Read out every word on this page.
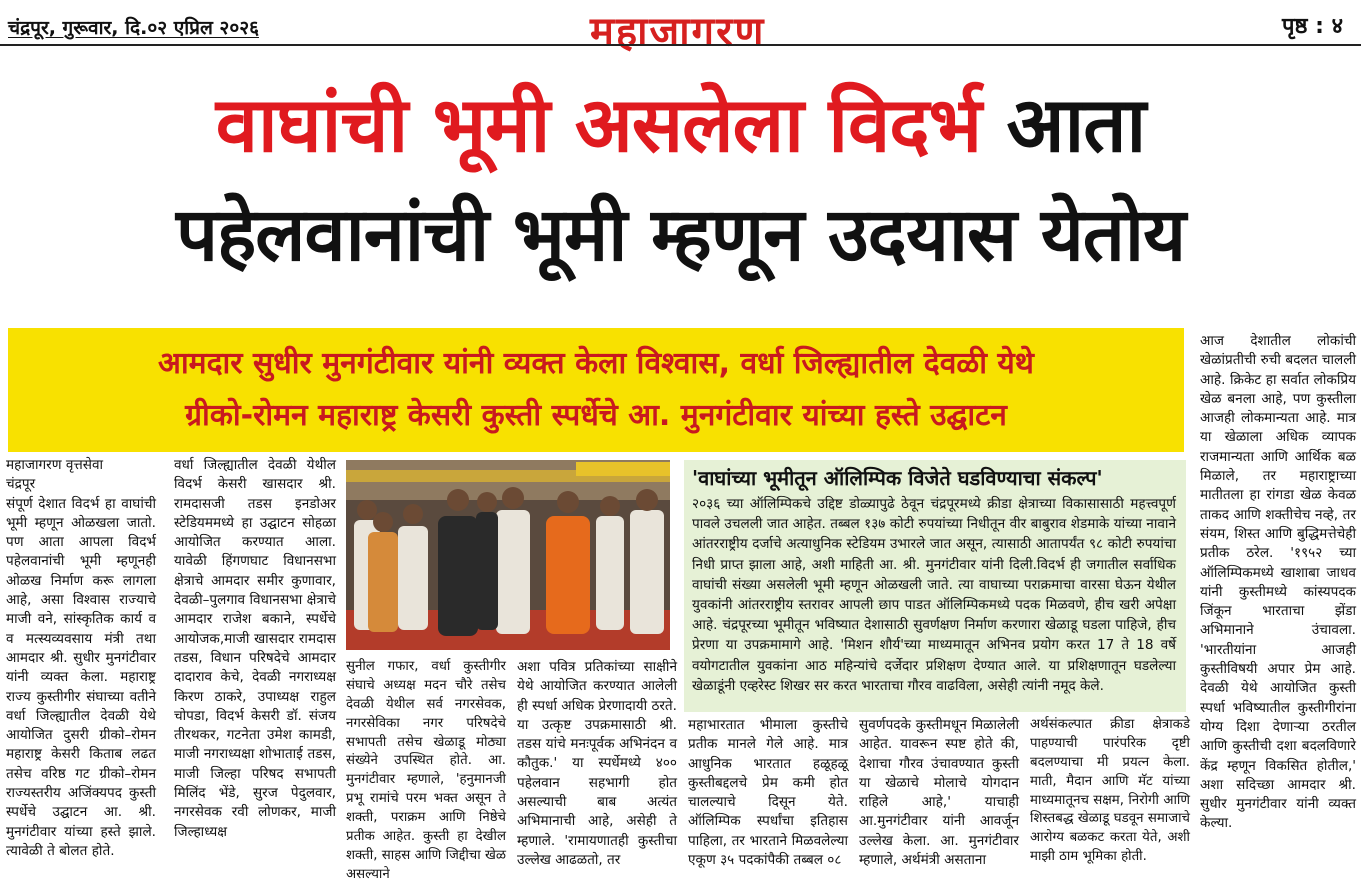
चंद्रपूर, गुरूवार, दि.०२ एप्रिल २०२६	महाजागरण	पृष्ठ : ४
वाघांची भूमी असलेला विदर्भ आता
पहेलवानांची भूमी म्हणून उदयास येतोय
आमदार सुधीर मुनगंटीवार यांनी व्यक्त केला विश्वास, वर्धा जिल्ह्यातील देवळी येथे
ग्रीको-रोमन महाराष्ट्र केसरी कुस्ती स्पर्धेचे आ. मुनगंटीवार यांच्या हस्ते उद्घाटन

महाजागरण वृत्तसेवा

चंद्रपूर

संपूर्ण देशात विदर्भ हा वाघांची भूमी म्हणून ओळखला जातो. पण आता आपला विदर्भ पहेलवानांची भूमी म्हणूनही ओळख निर्माण करू लागला आहे, असा विश्वास राज्याचे माजी वने, सांस्कृतिक कार्य व व मत्स्यव्यवसाय मंत्री तथा आमदार श्री. सुधीर मुनगंटीवार यांनी व्यक्त केला. महाराष्ट्र राज्य कुस्तीगीर संघाच्या वतीने वर्धा जिल्ह्यातील देवळी येथे आयोजित दुसरी ग्रीको–रोमन महाराष्ट्र केसरी किताब लढत तसेच वरिष्ठ गट ग्रीको–रोमन राज्यस्तरीय अजिंक्यपद कुस्ती स्पर्धेचे उद्घाटन आ. श्री. मुनगंटीवार यांच्या हस्ते झाले. त्यावेळी ते बोलत होते.

वर्धा जिल्ह्यातील देवळी येथील विदर्भ केसरी खासदार श्री. रामदासजी तडस इनडोअर स्टेडियममध्ये हा उद्घाटन सोहळा आयोजित करण्यात आला. यावेळी हिंगणघाट विधानसभा क्षेत्राचे आमदार समीर कुणावार, देवळी–पुलगाव विधानसभा क्षेत्राचे आमदार राजेश बकाने, स्पर्धेचे आयोजक,माजी खासदार रामदास तडस, विधान परिषदेचे आमदार दादाराव केचे, देवळी नगराध्यक्ष किरण ठाकरे, उपाध्यक्ष राहुल चोपडा, विदर्भ केसरी डॉ. संजय तीरथकर, गटनेता उमेश कामडी, माजी नगराध्यक्षा शोभाताई तडस, माजी जिल्हा परिषद सभापती मिलिंद भेंडे, सुरज पेदुलवार, नगरसेवक रवी लोणकर, माजी जिल्हाध्यक्ष

सुनील गफार, वर्धा कुस्तीगीर संघाचे अध्यक्ष मदन चौरे तसेच देवळी येथील सर्व नगरसेवक, नगरसेविका नगर परिषदेचे सभापती तसेच खेळाडू मोठ्या संख्येने उपस्थित होते. आ. मुनगंटीवार म्हणाले, 'हनुमानजी प्रभू रामांचे परम भक्त असून ते शक्ती, पराक्रम आणि निष्ठेचे प्रतीक आहेत. कुस्ती हा देखील शक्ती, साहस आणि जिद्दीचा खेळ असल्याने

अशा पवित्र प्रतिकांच्या साक्षीने येथे आयोजित करण्यात आलेली ही स्पर्धा अधिक प्रेरणादायी ठरते. या उत्कृष्ट उपक्रमासाठी श्री. तडस यांचे मनःपूर्वक अभिनंदन व कौतुक.' या स्पर्धेमध्ये ४०० पहेलवान सहभागी होत असल्याची बाब अत्यंत अभिमानाची आहे, असेही ते म्हणाले. 'रामायणातही कुस्तीचा उल्लेख आढळतो, तर

'वाघांच्या भूमीतून ऑलिम्पिक विजेते घडविण्याचा संकल्प'
२०३६ च्या ऑलिम्पिकचे उद्दिष्ट डोळ्यापुढे ठेवून चंद्रपूरमध्ये क्रीडा क्षेत्राच्या विकासासाठी महत्त्वपूर्ण पावले उचलली जात आहेत. तब्बल १३७ कोटी रुपयांच्या निधीतून वीर बाबुराव शेडमाके यांच्या नावाने आंतरराष्ट्रीय दर्जाचे अत्याधुनिक स्टेडियम उभारले जात असून, त्यासाठी आतापर्यंत ९८ कोटी रुपयांचा निधी प्राप्त झाला आहे, अशी माहिती आ. श्री. मुनगंटीवार यांनी दिली.विदर्भ ही जगातील सर्वाधिक वाघांची संख्या असलेली भूमी म्हणून ओळखली जाते. त्या वाघाच्या पराक्रमाचा वारसा घेऊन येथील युवकांनी आंतरराष्ट्रीय स्तरावर आपली छाप पाडत ऑलिम्पिकमध्ये पदक मिळवणे, हीच खरी अपेक्षा आहे. चंद्रपूरच्या भूमीतून भविष्यात देशासाठी सुवर्णक्षण निर्माण करणारा खेळाडू घडला पाहिजे, हीच प्रेरणा या उपक्रमामागे आहे. 'मिशन शौर्य'च्या माध्यमातून अभिनव प्रयोग करत 17 ते 18 वर्षे वयोगटातील युवकांना आठ महिन्यांचे दर्जेदार प्रशिक्षण देण्यात आले. या प्रशिक्षणातून घडलेल्या खेळाडूंनी एव्हरेस्ट शिखर सर करत भारताचा गौरव वाढविला, असेही त्यांनी नमूद केले.

महाभारतात भीमाला कुस्तीचे प्रतीक मानले गेले आहे. मात्र आधुनिक भारतात हळूहळू कुस्तीबद्दलचे प्रेम कमी होत चालल्याचे दिसून येते. ऑलिम्पिक स्पर्धांचा इतिहास पाहिला, तर भारताने मिळवलेल्या एकूण ३५ पदकांपैकी तब्बल ०८

सुवर्णपदके कुस्तीमधून मिळालेली आहेत. यावरून स्पष्ट होते की, देशाचा गौरव उंचावण्यात कुस्ती या खेळाचे मोलाचे योगदान राहिले आहे,' याचाही आ.मुनगंटीवार यांनी आवर्जून उल्लेख केला. आ. मुनगंटीवार म्हणाले, अर्थमंत्री असताना

अर्थसंकल्पात क्रीडा क्षेत्राकडे पाहण्याची पारंपरिक दृष्टी बदलण्याचा मी प्रयत्न केला. माती, मैदान आणि मॅट यांच्या माध्यमातूनच सक्षम, निरोगी आणि शिस्तबद्ध खेळाडू घडवून समाजाचे आरोग्य बळकट करता येते, अशी माझी ठाम भूमिका होती.

आज देशातील लोकांची खेळांप्रतीची रुची बदलत चालली आहे. क्रिकेट हा सर्वात लोकप्रिय खेळ बनला आहे, पण कुस्तीला आजही लोकमान्यता आहे. मात्र या खेळाला अधिक व्यापक राजमान्यता आणि आर्थिक बळ मिळाले, तर महाराष्ट्राच्या मातीतला हा रांगडा खेळ केवळ ताकद आणि शक्तीचेच नव्हे, तर संयम, शिस्त आणि बुद्धिमत्तेचेही प्रतीक ठरेल. '१९५२ च्या ऑलिम्पिकमध्ये खाशाबा जाधव यांनी कुस्तीमध्ये कांस्यपदक जिंकून भारताचा झेंडा अभिमानाने उंचावला. 'भारतीयांना आजही कुस्तीविषयी अपार प्रेम आहे. देवळी येथे आयोजित कुस्ती स्पर्धा भविष्यातील कुस्तीगीरांना योग्य दिशा देणाऱ्या ठरतील आणि कुस्तीची दशा बदलविणारे केंद्र म्हणून विकसित होतील,' अशा सदिच्छा आमदार श्री. सुधीर मुनगंटीवार यांनी व्यक्त केल्या.
